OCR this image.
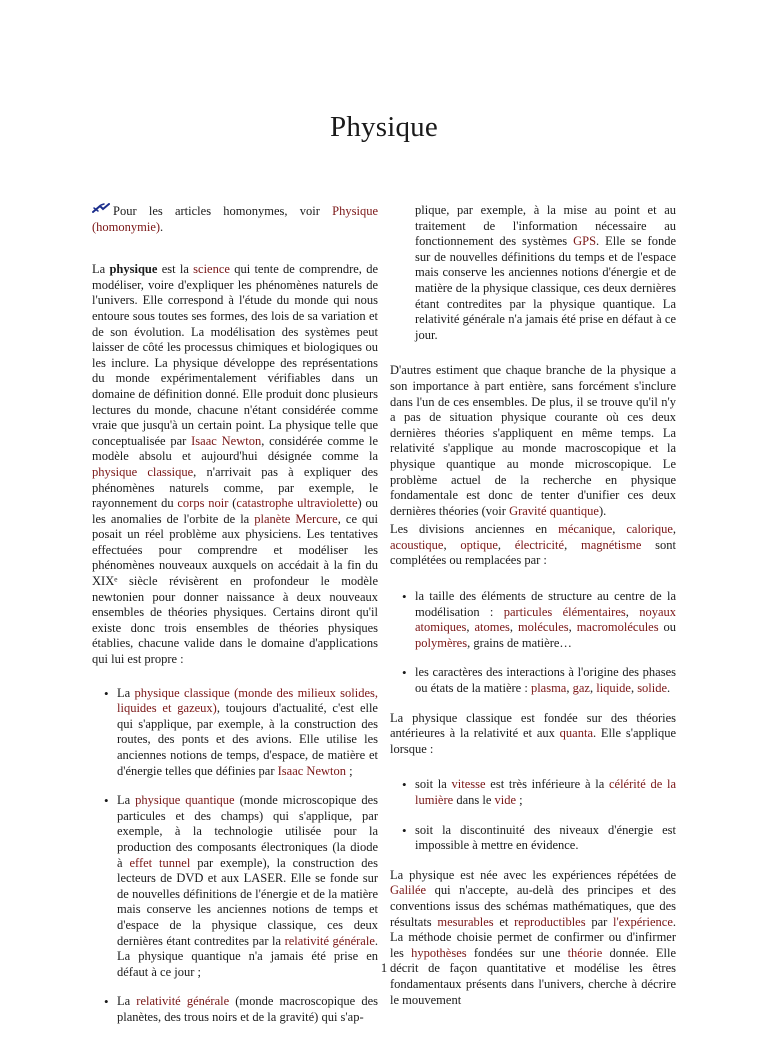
Physique

Pour les articles homonymes, voir Physique (homonymie).

La physique est la science qui tente de comprendre, de modéliser, voire d'expliquer les phénomènes naturels de l'univers. Elle correspond à l'étude du monde qui nous entoure sous toutes ses formes, des lois de sa variation et de son évolution. La modélisation des systèmes peut laisser de côté les processus chimiques et biologiques ou les inclure. La physique développe des représentations du monde expérimentalement vérifiables dans un domaine de définition donné. Elle produit donc plusieurs lectures du monde, chacune n'étant considérée comme vraie que jusqu'à un certain point. La physique telle que conceptualisée par Isaac Newton, considérée comme le modèle absolu et aujourd'hui désignée comme la physique classique, n'arrivait pas à expliquer des phénomènes naturels comme, par exemple, le rayonnement du corps noir (catastrophe ultraviolette) ou les anomalies de l'orbite de la planète Mercure, ce qui posait un réel problème aux physiciens. Les tentatives effectuées pour comprendre et modéliser les phénomènes nouveaux auxquels on accédait à la fin du XIXᵉ siècle révisèrent en profondeur le modèle newtonien pour donner naissance à deux nouveaux ensembles de théories physiques. Certains diront qu'il existe donc trois ensembles de théories physiques établies, chacune valide dans le domaine d'applications qui lui est propre :

• La physique classique (monde des milieux solides, liquides et gazeux), toujours d'actualité, c'est elle qui s'applique, par exemple, à la construction des routes, des ponts et des avions. Elle utilise les anciennes notions de temps, d'espace, de matière et d'énergie telles que définies par Isaac Newton ;
• La physique quantique (monde microscopique des particules et des champs) qui s'applique, par exemple, à la technologie utilisée pour la production des composants électroniques (la diode à effet tunnel par exemple), la construction des lecteurs de DVD et aux LASER. Elle se fonde sur de nouvelles définitions de l'énergie et de la matière mais conserve les anciennes notions de temps et d'espace de la physique classique, ces deux dernières étant contredites par la relativité générale. La physique quantique n'a jamais été prise en défaut à ce jour ;
• La relativité générale (monde macroscopique des planètes, des trous noirs et de la gravité) qui s'ap-

plique, par exemple, à la mise au point et au traitement de l'information nécessaire au fonctionnement des systèmes GPS. Elle se fonde sur de nouvelles définitions du temps et de l'espace mais conserve les anciennes notions d'énergie et de matière de la physique classique, ces deux dernières étant contredites par la physique quantique. La relativité générale n'a jamais été prise en défaut à ce jour.

D'autres estiment que chaque branche de la physique a son importance à part entière, sans forcément s'inclure dans l'un de ces ensembles. De plus, il se trouve qu'il n'y a pas de situation physique courante où ces deux dernières théories s'appliquent en même temps. La relativité s'applique au monde macroscopique et la physique quantique au monde microscopique. Le problème actuel de la recherche en physique fondamentale est donc de tenter d'unifier ces deux dernières théories (voir Gravité quantique).

Les divisions anciennes en mécanique, calorique, acoustique, optique, électricité, magnétisme sont complétées ou remplacées par :

• la taille des éléments de structure au centre de la modélisation : particules élémentaires, noyaux atomiques, atomes, molécules, macromolécules ou polymères, grains de matière…
• les caractères des interactions à l'origine des phases ou états de la matière : plasma, gaz, liquide, solide.

La physique classique est fondée sur des théories antérieures à la relativité et aux quanta. Elle s'applique lorsque :

• soit la vitesse est très inférieure à la célérité de la lumière dans le vide ;
• soit la discontinuité des niveaux d'énergie est impossible à mettre en évidence.

La physique est née avec les expériences répétées de Galilée qui n'accepte, au-delà des principes et des conventions issus des schémas mathématiques, que des résultats mesurables et reproductibles par l'expérience. La méthode choisie permet de confirmer ou d'infirmer les hypothèses fondées sur une théorie donnée. Elle décrit de façon quantitative et modélise les êtres fondamentaux présents dans l'univers, cherche à décrire le mouvement

1
